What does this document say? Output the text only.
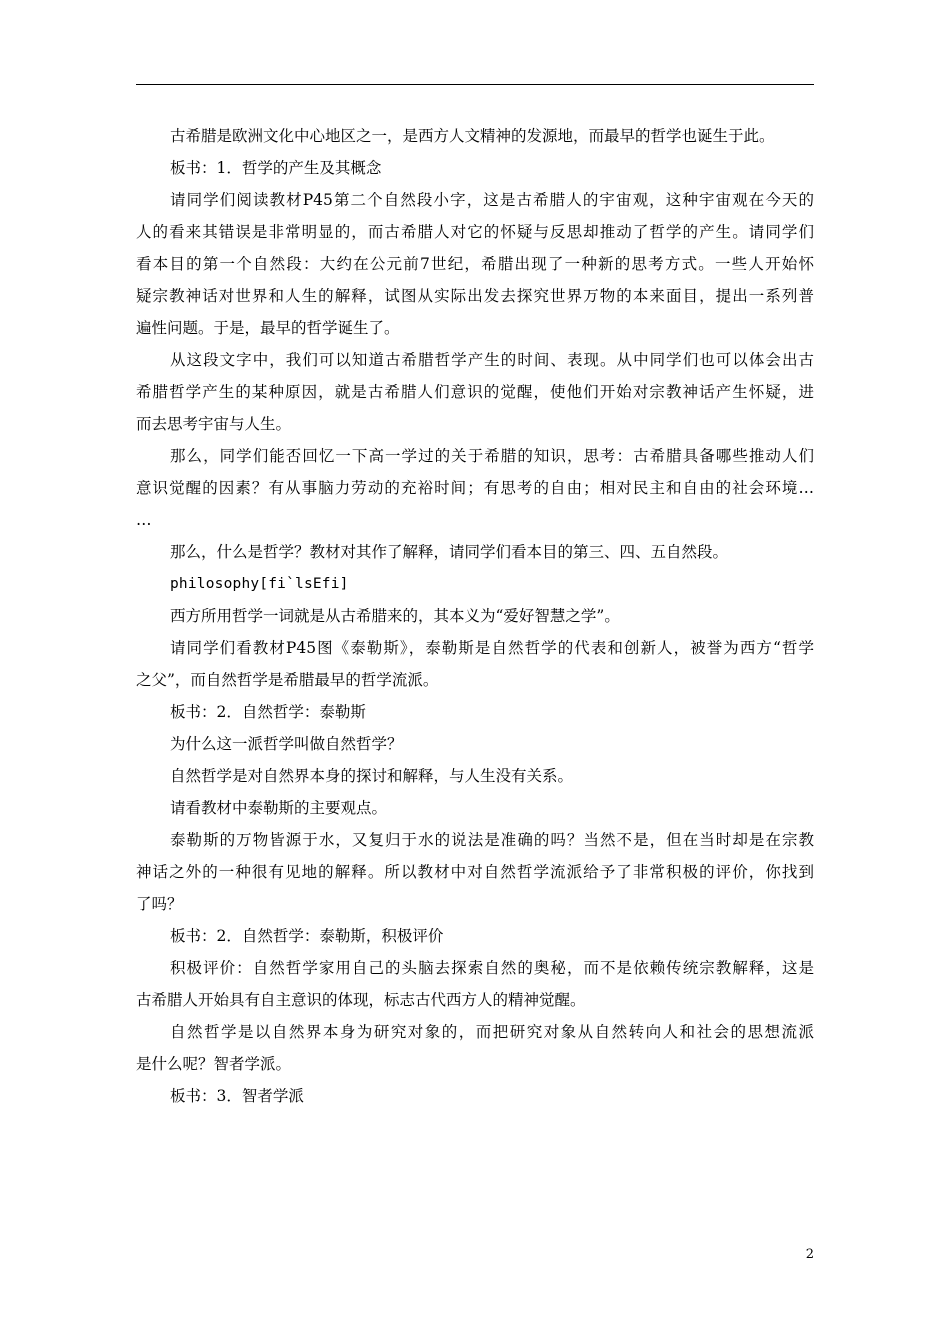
古希腊是欧洲文化中心地区之一，是西方人文精神的发源地，而最早的哲学也诞生于此。
板书：1．哲学的产生及其概念
请同学们阅读教材P45第二个自然段小字，这是古希腊人的宇宙观，这种宇宙观在今天的
人的看来其错误是非常明显的，而古希腊人对它的怀疑与反思却推动了哲学的产生。请同学们
看本目的第一个自然段：大约在公元前7世纪，希腊出现了一种新的思考方式。一些人开始怀
疑宗教神话对世界和人生的解释，试图从实际出发去探究世界万物的本来面目，提出一系列普
遍性问题。于是，最早的哲学诞生了。
从这段文字中，我们可以知道古希腊哲学产生的时间、表现。从中同学们也可以体会出古
希腊哲学产生的某种原因，就是古希腊人们意识的觉醒，使他们开始对宗教神话产生怀疑，进
而去思考宇宙与人生。
那么，同学们能否回忆一下高一学过的关于希腊的知识，思考：古希腊具备哪些推动人们
意识觉醒的因素？有从事脑力劳动的充裕时间；有思考的自由；相对民主和自由的社会环境…
…
那么，什么是哲学？教材对其作了解释，请同学们看本目的第三、四、五自然段。
philosophy[fi`lsEfi]
西方所用哲学一词就是从古希腊来的，其本义为“爱好智慧之学”。
请同学们看教材P45图《泰勒斯》，泰勒斯是自然哲学的代表和创新人，被誉为西方“哲学
之父”，而自然哲学是希腊最早的哲学流派。
板书：2．自然哲学：泰勒斯
为什么这一派哲学叫做自然哲学？
自然哲学是对自然界本身的探讨和解释，与人生没有关系。
请看教材中泰勒斯的主要观点。
泰勒斯的万物皆源于水，又复归于水的说法是准确的吗？当然不是，但在当时却是在宗教
神话之外的一种很有见地的解释。所以教材中对自然哲学流派给予了非常积极的评价，你找到
了吗？
板书：2．自然哲学：泰勒斯，积极评价
积极评价：自然哲学家用自己的头脑去探索自然的奥秘，而不是依赖传统宗教解释，这是
古希腊人开始具有自主意识的体现，标志古代西方人的精神觉醒。
自然哲学是以自然界本身为研究对象的，而把研究对象从自然转向人和社会的思想流派
是什么呢？智者学派。
板书：3．智者学派
2
